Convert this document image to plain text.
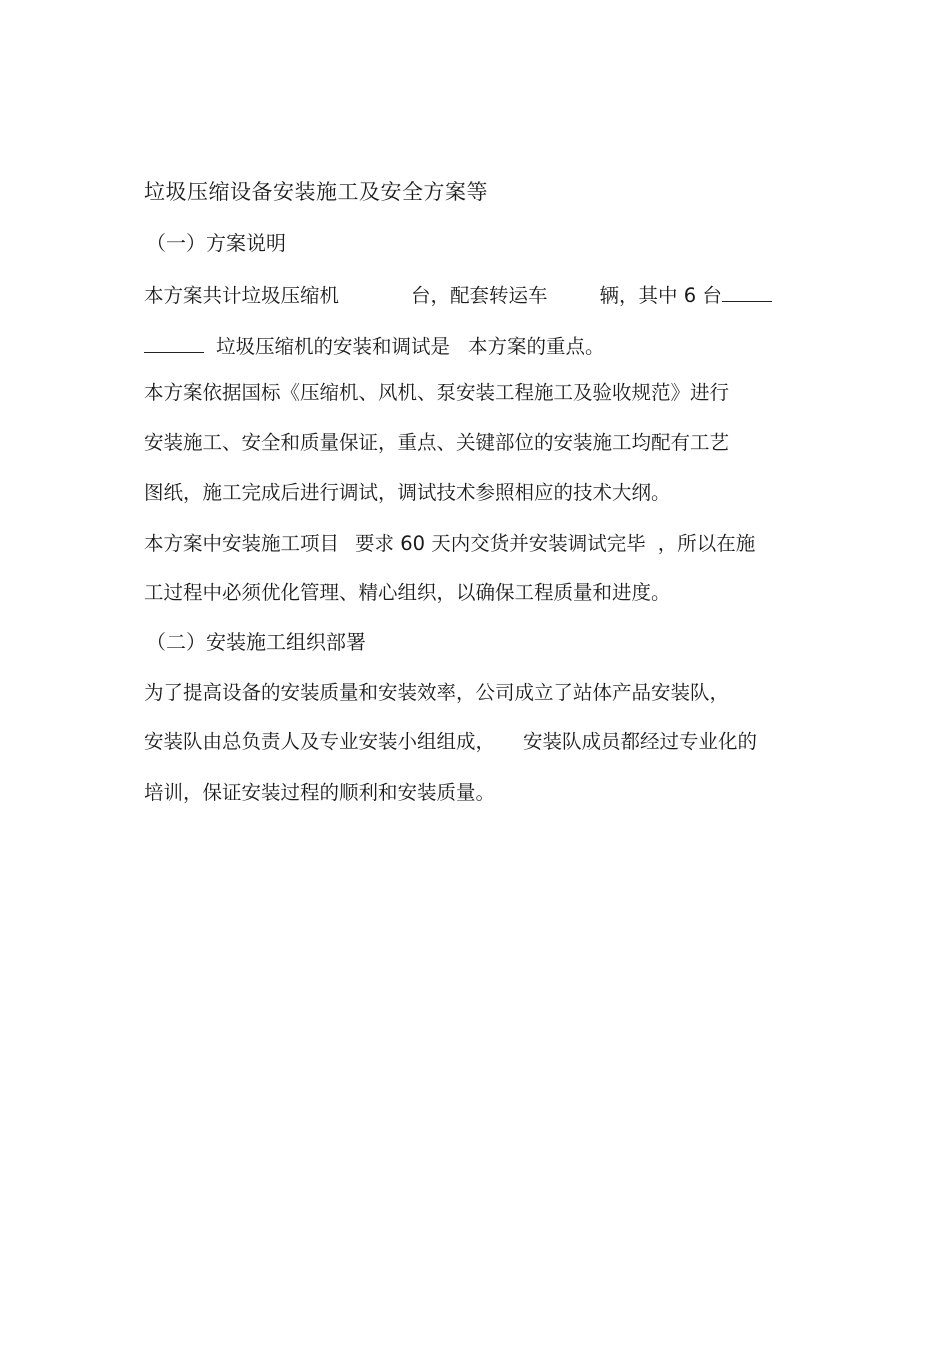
垃圾压缩设备安装施工及安全方案等
（一）方案说明
本方案共计垃圾压缩机	台，配套转运车	辆，其中 6 台
垃圾压缩机的安装和调试是 本方案的重点。
本方案依据国标《压缩机、风机、泵安装工程施工及验收规范》进行
安装施工、安全和质量保证，重点、关键部位的安装施工均配有工艺
图纸，施工完成后进行调试，调试技术参照相应的技术大纲。
本方案中安装施工项目 要求 60 天内交货并安装调试完毕 ，所以在施
工过程中必须优化管理、精心组织，以确保工程质量和进度。
（二）安装施工组织部署
为了提高设备的安装质量和安装效率，公司成立了站体产品安装队，
安装队由总负责人及专业安装小组组成， 安装队成员都经过专业化的
培训，保证安装过程的顺利和安装质量。
